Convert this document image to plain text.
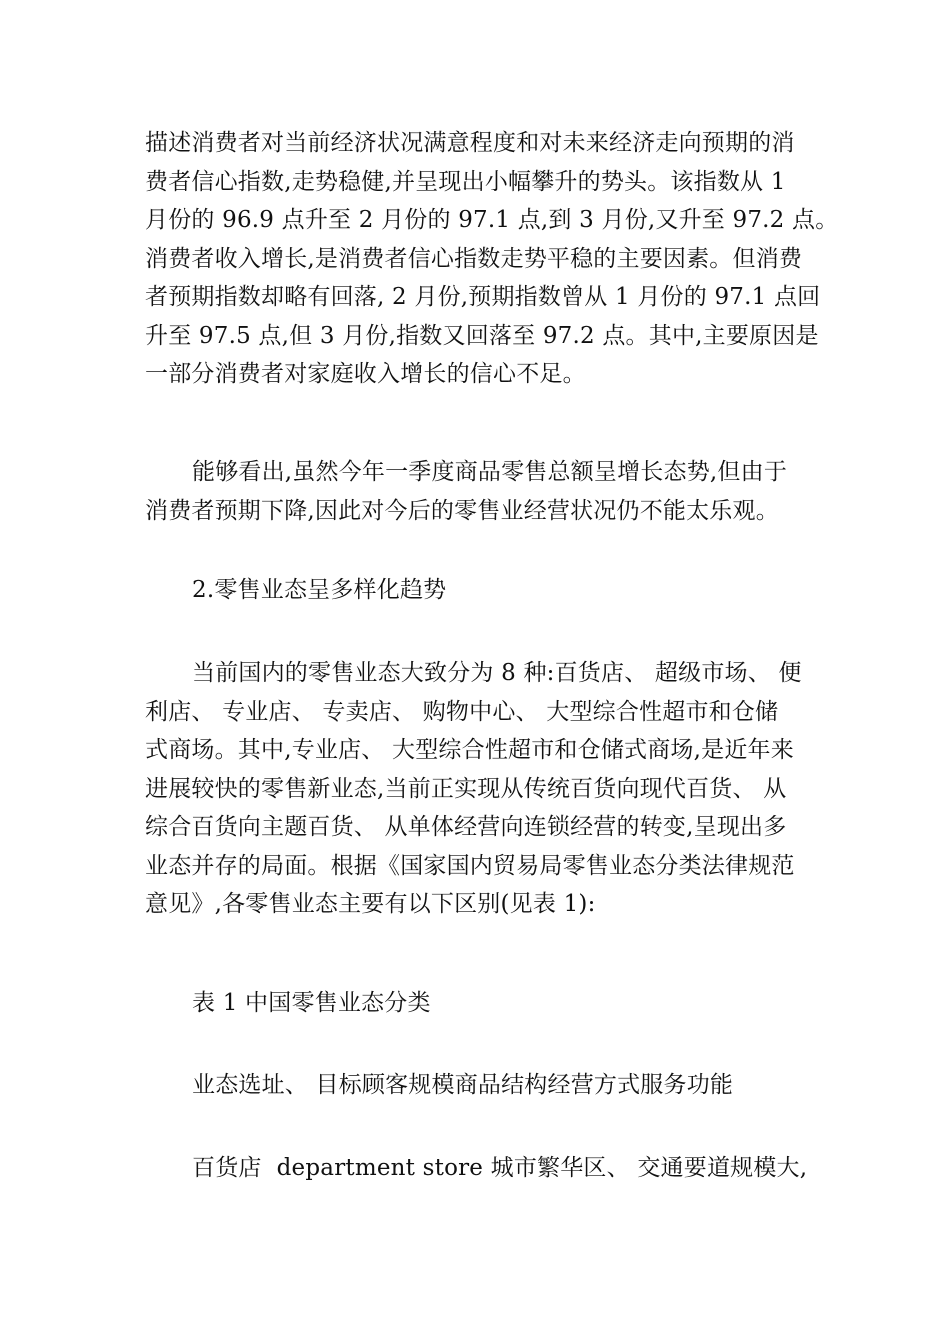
描述消费者对当前经济状况满意程度和对未来经济走向预期的消
费者信心指数,走势稳健,并呈现出小幅攀升的势头。该指数从 1
月份的 96.9 点升至 2 月份的 97.1 点,到 3 月份,又升至 97.2 点。
消费者收入增长,是消费者信心指数走势平稳的主要因素。但消费
者预期指数却略有回落, 2 月份,预期指数曾从 1 月份的 97.1 点回
升至 97.5 点,但 3 月份,指数又回落至 97.2 点。其中,主要原因是
一部分消费者对家庭收入增长的信心不足。

能够看出,虽然今年一季度商品零售总额呈增长态势,但由于
消费者预期下降,因此对今后的零售业经营状况仍不能太乐观。

2.零售业态呈多样化趋势

当前国内的零售业态大致分为 8 种:百货店、 超级市场、 便
利店、 专业店、 专卖店、 购物中心、 大型综合性超市和仓储
式商场。其中,专业店、 大型综合性超市和仓储式商场,是近年来
进展较快的零售新业态,当前正实现从传统百货向现代百货、 从
综合百货向主题百货、 从单体经营向连锁经营的转变,呈现出多
业态并存的局面。根据《国家国内贸易局零售业态分类法律规范
意见》,各零售业态主要有以下区别(见表 1):

表 1 中国零售业态分类

业态选址、 目标顾客规模商品结构经营方式服务功能

百货店  department store 城市繁华区、 交通要道规模大,
